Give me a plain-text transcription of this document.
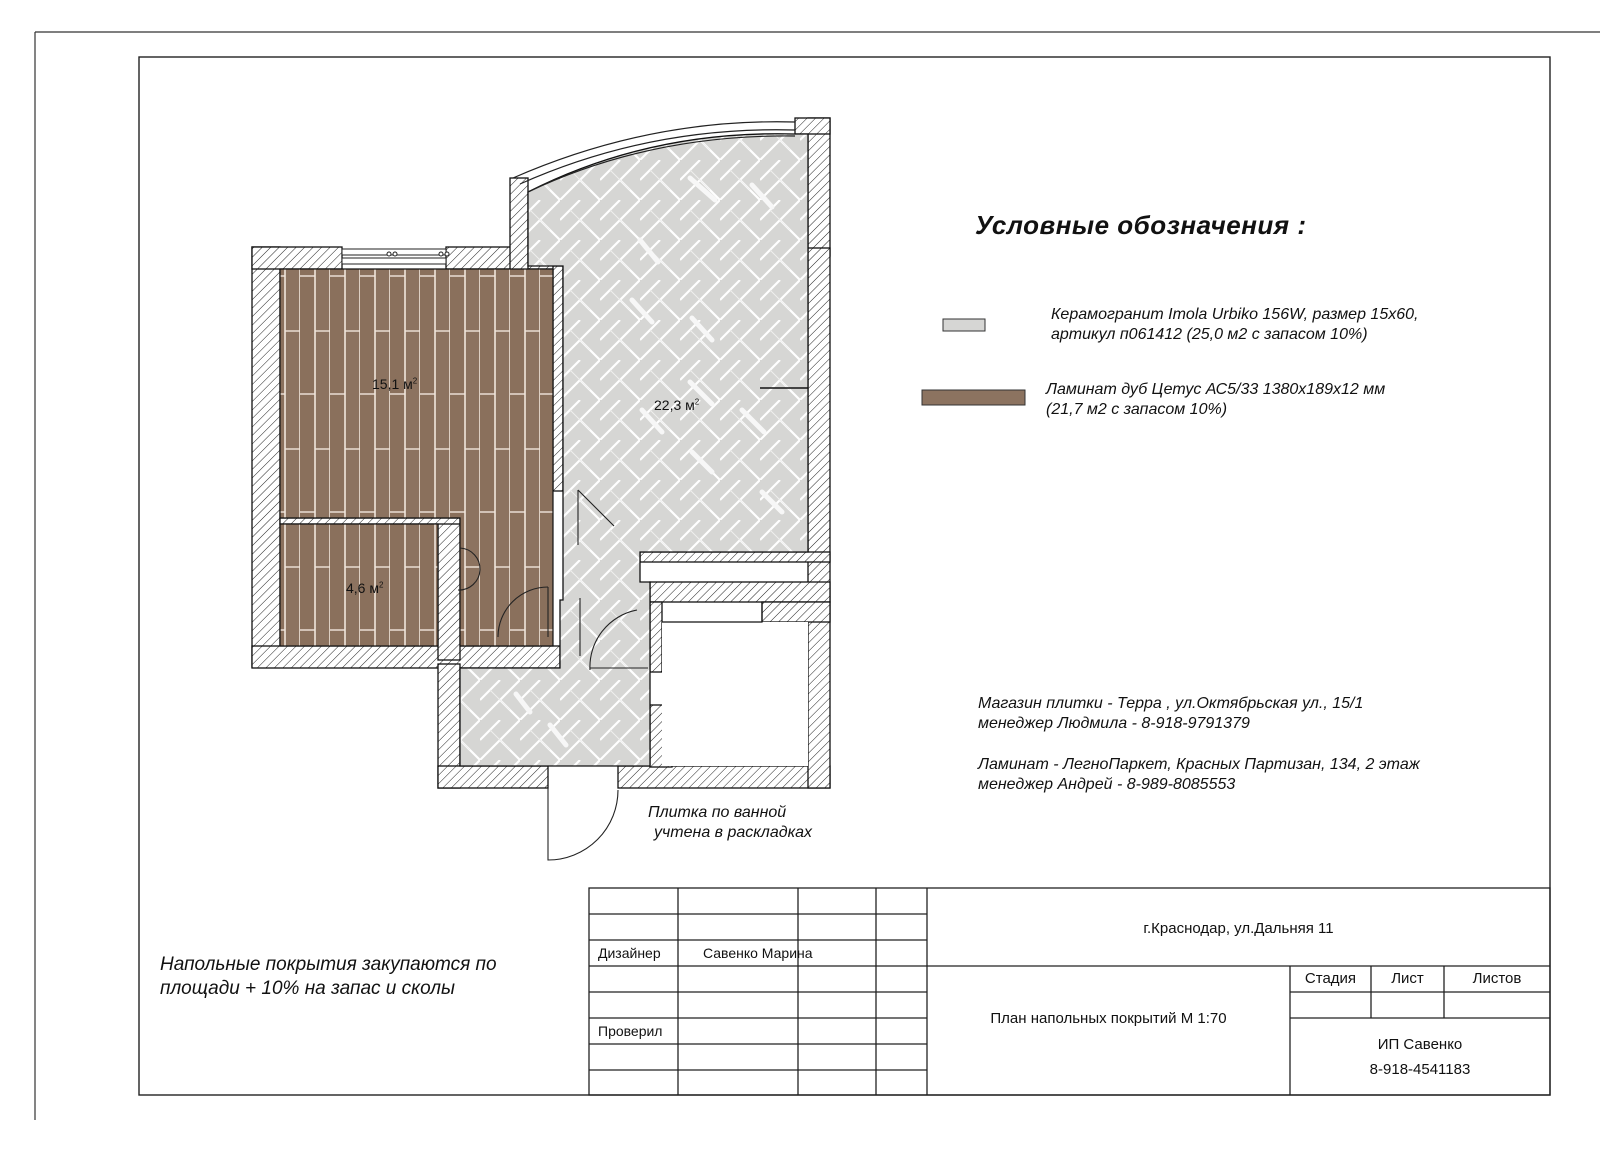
Условные обозначения :
Керамогранит Imola Urbiko 156W, размер 15х60,
артикул п061412 (25,0 м2 с запасом 10%)
Ламинат дуб Цетус АС5/33 1380х189х12 мм
(21,7 м2 с запасом 10%)
15,1 $м^2$
4,6 $м^2$
22,3 $м^2$
Плитка по ванной
учтена в раскладках
Магазин плитки - Терра , ул.Октябрьская ул., 15/1
менеджер Людмила - 8-918-9791379
Ламинат - ЛегноПаркет, Красных Партизан, 134, 2 этаж
менеджер Андрей - 8-989-8085553
Напольные покрытия закупаются по
площади + 10% на запас и сколы
г.Краснодар, ул.Дальняя 11
Дизайнер	Савенко Марина
Проверил
План напольных покрытий М 1:70
Стадия	Лист	Листов
ИП Савенко
8-918-4541183
